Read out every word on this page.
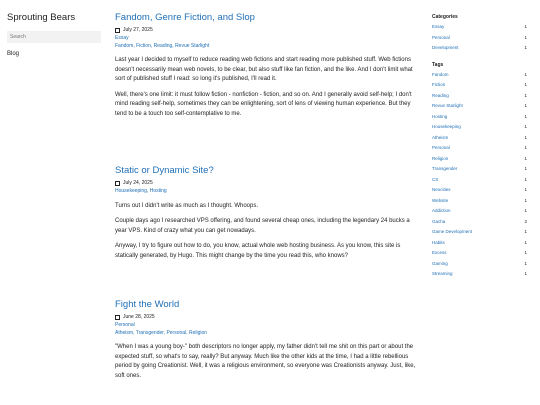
Sprouting Bears
Search
Blog
Fandom, Genre Fiction, and Slop
July 27, 2025
Essay
Fandom, Fiction, Reading, Revue Starlight

Last year I decided to myself to reduce reading web fictions and start reading more published stuff. Web fictions doesn't necessarily mean web novels, to be clear, but also stuff like fan fiction, and the like. And I don't limit what sort of published stuff I read: so long it's published, I'll read it.

Well, there's one limit: it must follow fiction - nonfiction - fiction, and so on. And I generally avoid self-help; I don't mind reading self-help, sometimes they can be enlightening, sort of lens of viewing human experience. But they tend to be a touch too self-contemplative to me.

Static or Dynamic Site?
July 24, 2025
Housekeeping, Hosting

Turns out I didn't write as much as I thought. Whoops.

Couple days ago I researched VPS offering, and found several cheap ones, including the legendary 24 bucks a year VPS. Kind of crazy what you can get nowadays.

Anyway, I try to figure out how to do, you know, actual whole web hosting business. As you know, this site is statically generated, by Hugo. This might change by the time you read this, who knows?

Fight the World
June 28, 2025
Personal
Atheism, Transgender, Personal, Religion

"When I was a young boy-" both descriptors no longer apply, my father didn't tell me shit on this part or about the expected stuff, so what's to say, really? But anyway. Much like the other kids at the time, I had a little rebellious period by going Creationist. Well, it was a religious environment, so everyone was Creationists anyway. Just, like, soft ones.

Categories
Essay	1
Personal	1
Development	1
Tags
Fandom	1
Fiction	1
Reading	1
Revue Starlight	1
Hosting	1
Housekeeping	1
Atheism	1
Personal	1
Religion	1
Transgender	1
CS	1
Neocities	1
Website	1
Addiction	1
Gacha	2
Game Development	1
Habits	1
Excess	1
Gaming	1
Streaming	1
